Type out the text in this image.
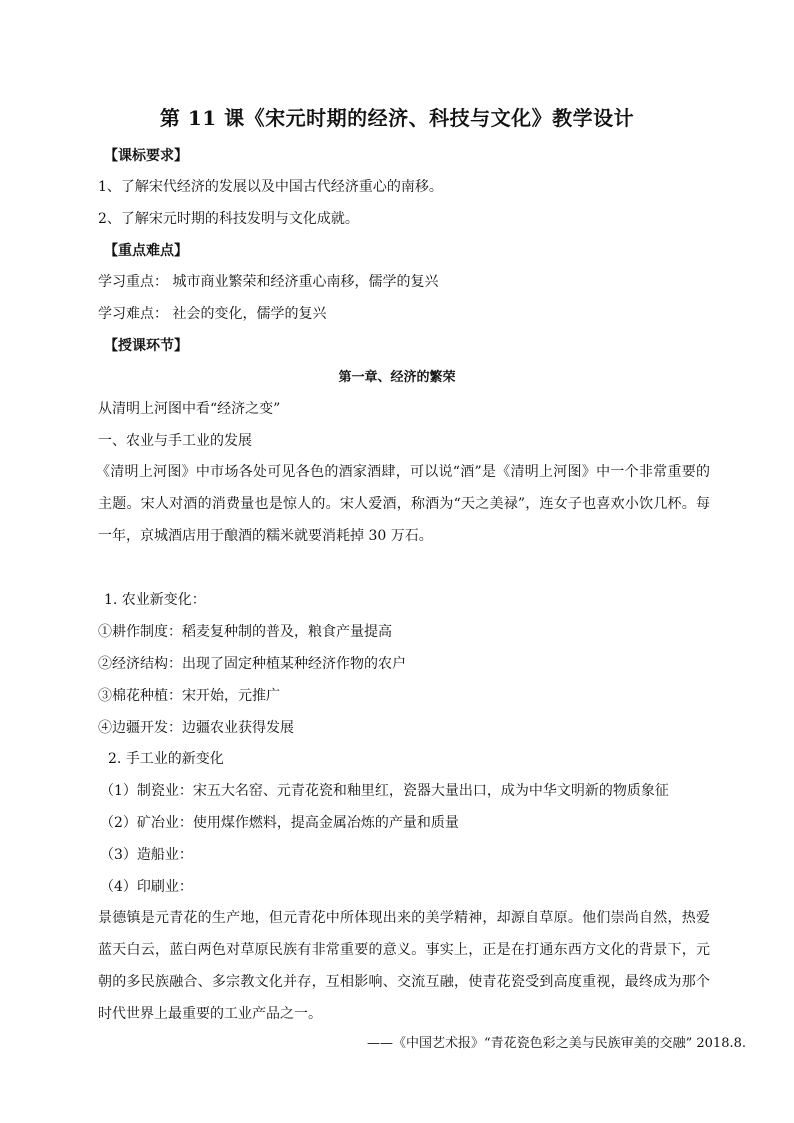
第 11 课《宋元时期的经济、科技与文化》教学设计
【课标要求】
1、了解宋代经济的发展以及中国古代经济重心的南移。
2、了解宋元时期的科技发明与文化成就。
【重点难点】
学习重点： 城市商业繁荣和经济重心南移，儒学的复兴
学习难点： 社会的变化，儒学的复兴
【授课环节】
第一章、经济的繁荣
从清明上河图中看“经济之变”
一、农业与手工业的发展
《清明上河图》中市场各处可见各色的酒家酒肆，可以说“酒”是《清明上河图》中一个非常重要的主题。宋人对酒的消费量也是惊人的。宋人爱酒，称酒为“天之美禄”，连女子也喜欢小饮几杯。每一年，京城酒店用于酿酒的糯米就要消耗掉 30 万石。
1. 农业新变化：
①耕作制度：稻麦复种制的普及，粮食产量提高
②经济结构：出现了固定种植某种经济作物的农户
③棉花种植：宋开始，元推广
④边疆开发：边疆农业获得发展
2. 手工业的新变化
（1）制瓷业：宋五大名窑、元青花瓷和釉里红，瓷器大量出口，成为中华文明新的物质象征
（2）矿冶业：使用煤作燃料，提高金属冶炼的产量和质量
（3）造船业：
（4）印刷业：
景德镇是元青花的生产地，但元青花中所体现出来的美学精神，却源自草原。他们崇尚自然，热爱蓝天白云，蓝白两色对草原民族有非常重要的意义。事实上，正是在打通东西方文化的背景下，元朝的多民族融合、多宗教文化并存，互相影响、交流互融，使青花瓷受到高度重视，最终成为那个时代世界上最重要的工业产品之一。
——《中国艺术报》“青花瓷色彩之美与民族审美的交融” 2018.8.
